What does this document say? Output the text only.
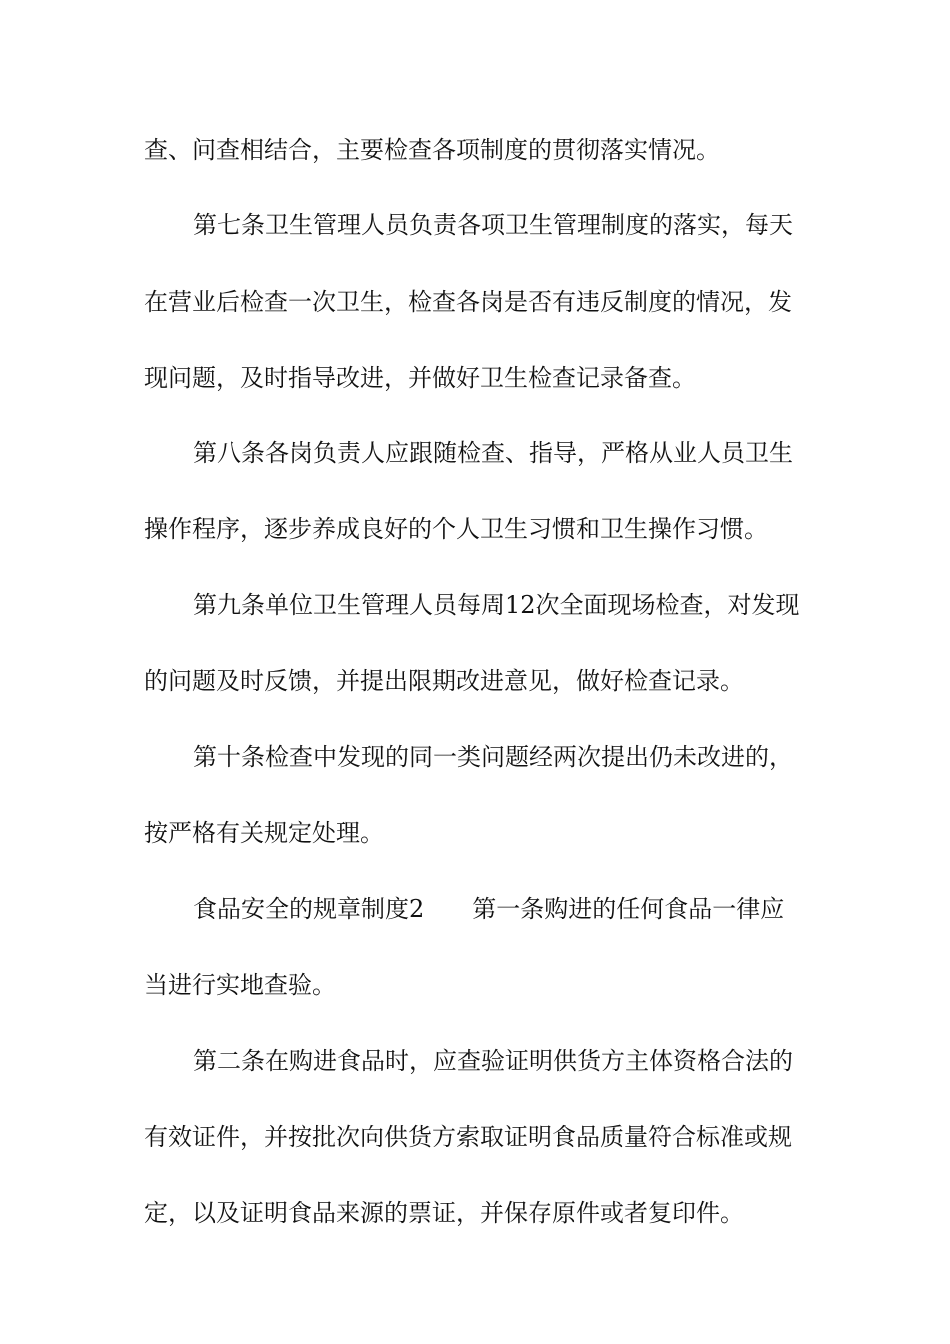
查、问查相结合，主要检查各项制度的贯彻落实情况。
第七条卫生管理人员负责各项卫生管理制度的落实，每天
在营业后检查一次卫生，检查各岗是否有违反制度的情况，发
现问题，及时指导改进，并做好卫生检查记录备查。
第八条各岗负责人应跟随检查、指导，严格从业人员卫生
操作程序，逐步养成良好的个人卫生习惯和卫生操作习惯。
第九条单位卫生管理人员每周12次全面现场检查，对发现
的问题及时反馈，并提出限期改进意见，做好检查记录。
第十条检查中发现的同一类问题经两次提出仍未改进的，
按严格有关规定处理。
食品安全的规章制度2 第一条购进的任何食品一律应
当进行实地查验。
第二条在购进食品时，应查验证明供货方主体资格合法的
有效证件，并按批次向供货方索取证明食品质量符合标准或规
定，以及证明食品来源的票证，并保存原件或者复印件。
